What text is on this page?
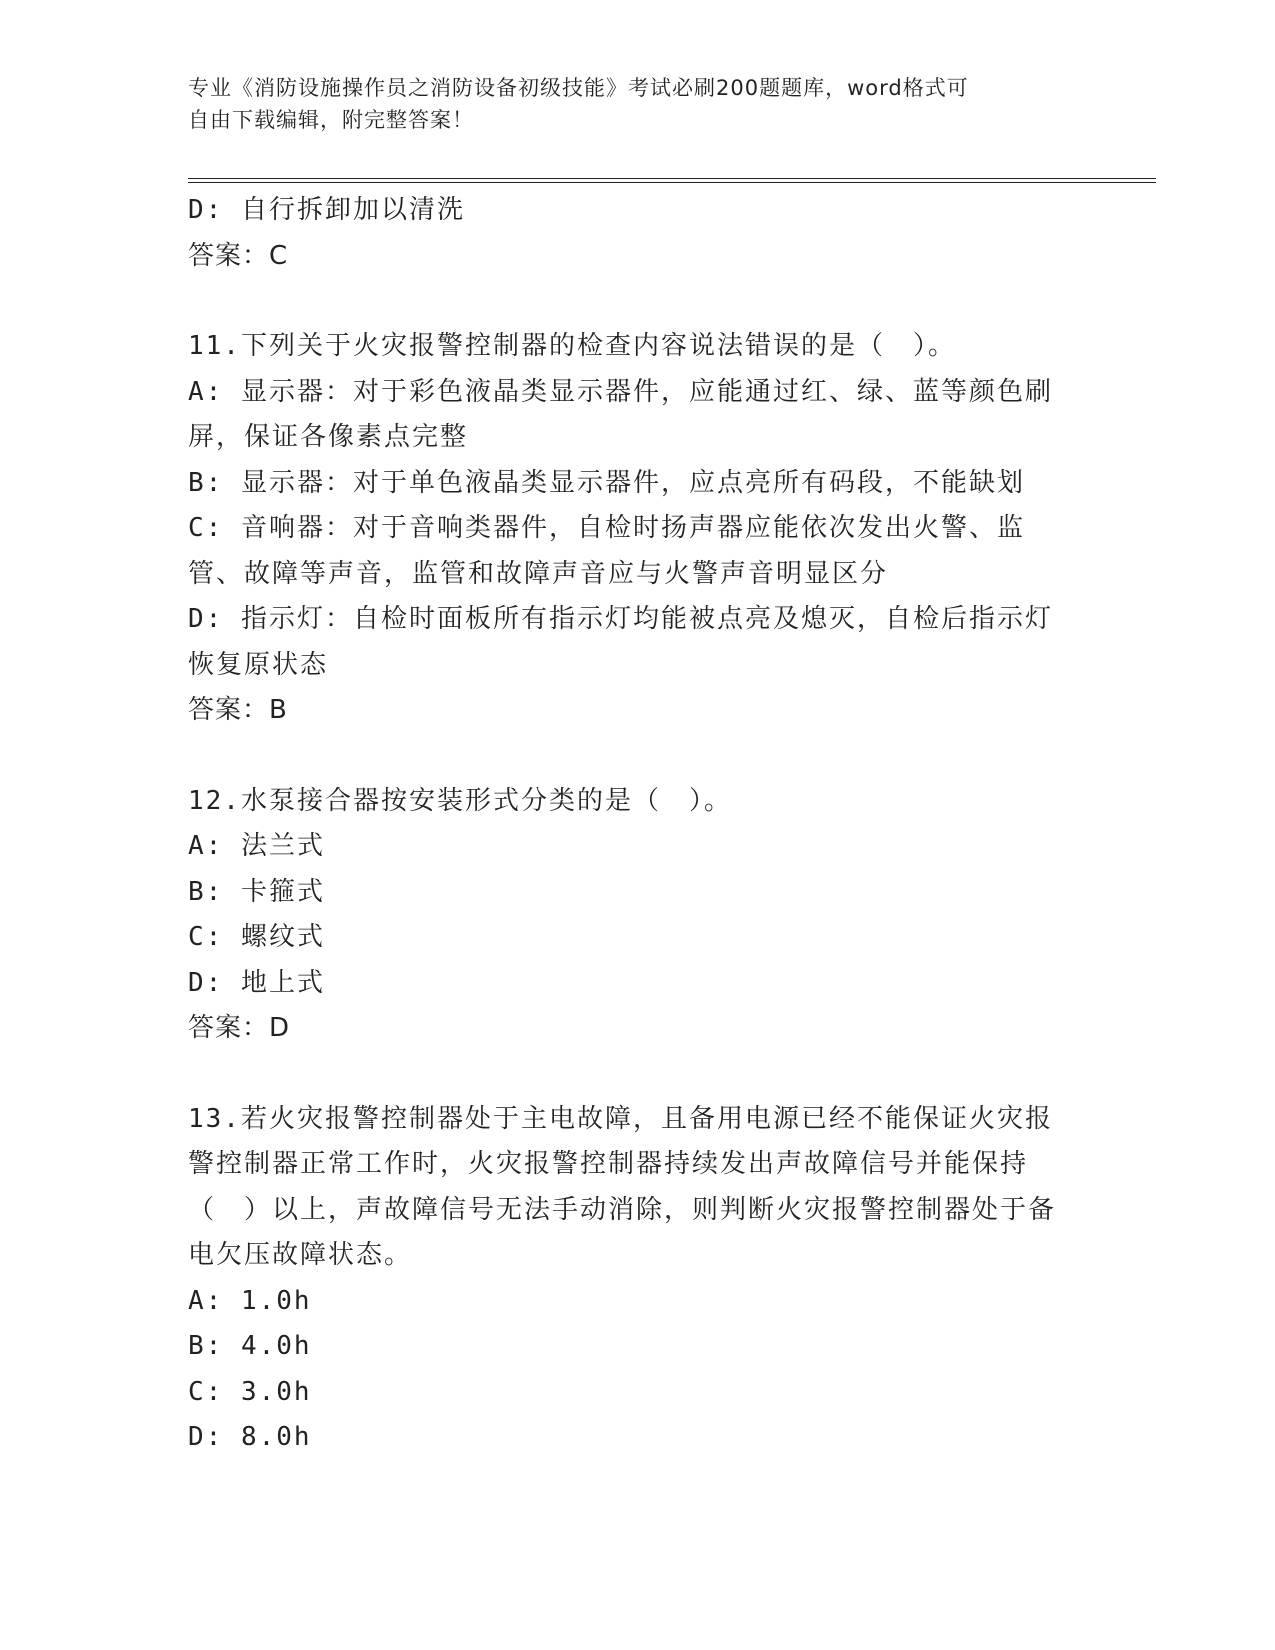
专业《消防设施操作员之消防设备初级技能》考试必刷200题题库，word格式可
自由下载编辑，附完整答案！
D: 自行拆卸加以清洗
答案：C
11.下列关于火灾报警控制器的检查内容说法错误的是（　）。
A: 显示器：对于彩色液晶类显示器件，应能通过红、绿、蓝等颜色刷屏，保证各像素点完整
B: 显示器：对于单色液晶类显示器件，应点亮所有码段，不能缺划
C: 音响器：对于音响类器件，自检时扬声器应能依次发出火警、监管、故障等声音，监管和故障声音应与火警声音明显区分
D: 指示灯：自检时面板所有指示灯均能被点亮及熄灭，自检后指示灯恢复原状态
答案：B
12.水泵接合器按安装形式分类的是（　）。
A: 法兰式
B: 卡箍式
C: 螺纹式
D: 地上式
答案：D
13.若火灾报警控制器处于主电故障，且备用电源已经不能保证火灾报警控制器正常工作时，火灾报警控制器持续发出声故障信号并能保持（　）以上，声故障信号无法手动消除，则判断火灾报警控制器处于备电欠压故障状态。
A: 1.0h
B: 4.0h
C: 3.0h
D: 8.0h
